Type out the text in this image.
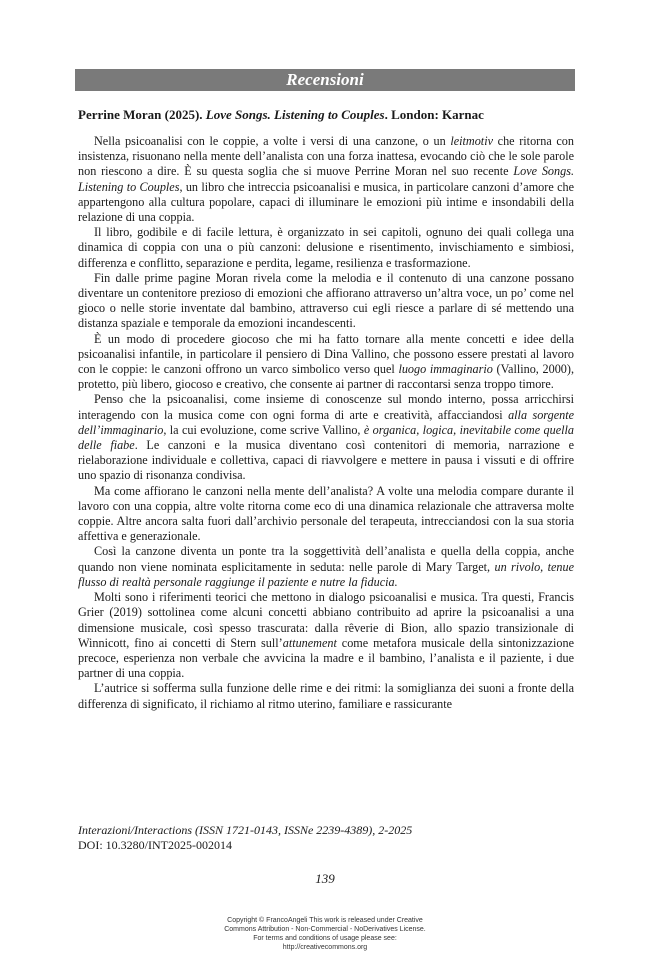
Recensioni
Perrine Moran (2025). Love Songs. Listening to Couples. London: Karnac

Nella psicoanalisi con le coppie, a volte i versi di una canzone, o un leitmotiv che ritorna con insistenza, risuonano nella mente dell’analista con una forza inattesa, evocando ciò che le sole parole non riescono a dire. È su questa soglia che si muove Perrine Moran nel suo recente Love Songs. Listening to Couples, un libro che intreccia psicoanalisi e musica, in particolare canzoni d’amore che appartengono alla cultura popolare, capaci di illuminare le emozioni più intime e insondabili della relazione di una coppia.

Il libro, godibile e di facile lettura, è organizzato in sei capitoli, ognuno dei quali collega una dinamica di coppia con una o più canzoni: delusione e risentimento, invischiamento e simbiosi, differenza e conflitto, separazione e perdita, legame, resilienza e trasformazione.

Fin dalle prime pagine Moran rivela come la melodia e il contenuto di una canzone possano diventare un contenitore prezioso di emozioni che affiorano attraverso un’altra voce, un po’ come nel gioco o nelle storie inventate dal bambino, attraverso cui egli riesce a parlare di sé mettendo una distanza spaziale e temporale da emozioni incandescenti.

È un modo di procedere giocoso che mi ha fatto tornare alla mente concetti e idee della psicoanalisi infantile, in particolare il pensiero di Dina Vallino, che possono essere prestati al lavoro con le coppie: le canzoni offrono un varco simbolico verso quel luogo immaginario (Vallino, 2000), protetto, più libero, giocoso e creativo, che consente ai partner di raccontarsi senza troppo timore.

Penso che la psicoanalisi, come insieme di conoscenze sul mondo interno, possa arricchirsi interagendo con la musica come con ogni forma di arte e creatività, affacciandosi alla sorgente dell’immaginario, la cui evoluzione, come scrive Vallino, è organica, logica, inevitabile come quella delle fiabe. Le canzoni e la musica diventano così contenitori di memoria, narrazione e rielaborazione individuale e collettiva, capaci di riavvolgere e mettere in pausa i vissuti e di offrire uno spazio di risonanza condivisa.

Ma come affiorano le canzoni nella mente dell’analista? A volte una melodia compare durante il lavoro con una coppia, altre volte ritorna come eco di una dinamica relazionale che attraversa molte coppie. Altre ancora salta fuori dall’archivio personale del terapeuta, intrecciandosi con la sua storia affettiva e generazionale.

Così la canzone diventa un ponte tra la soggettività dell’analista e quella della coppia, anche quando non viene nominata esplicitamente in seduta: nelle parole di Mary Target, un rivolo, tenue flusso di realtà personale raggiunge il paziente e nutre la fiducia.

Molti sono i riferimenti teorici che mettono in dialogo psicoanalisi e musica. Tra questi, Francis Grier (2019) sottolinea come alcuni concetti abbiano contribuito ad aprire la psicoanalisi a una dimensione musicale, così spesso trascurata: dalla rêverie di Bion, allo spazio transizionale di Winnicott, fino ai concetti di Stern sull’attunement come metafora musicale della sintonizzazione precoce, esperienza non verbale che avvicina la madre e il bambino, l’analista e il paziente, i due partner di una coppia.

L’autrice si sofferma sulla funzione delle rime e dei ritmi: la somiglianza dei suoni a fronte della differenza di significato, il richiamo al ritmo uterino, familiare e rassicurante

Interazioni/Interactions (ISSN 1721-0143, ISSNe 2239-4389), 2-2025
DOI: 10.3280/INT2025-002014
139
Copyright © FrancoAngeli This work is released under Creative
Commons Attribution - Non-Commercial - NoDerivatives License.
For terms and conditions of usage please see:
http://creativecommons.org
